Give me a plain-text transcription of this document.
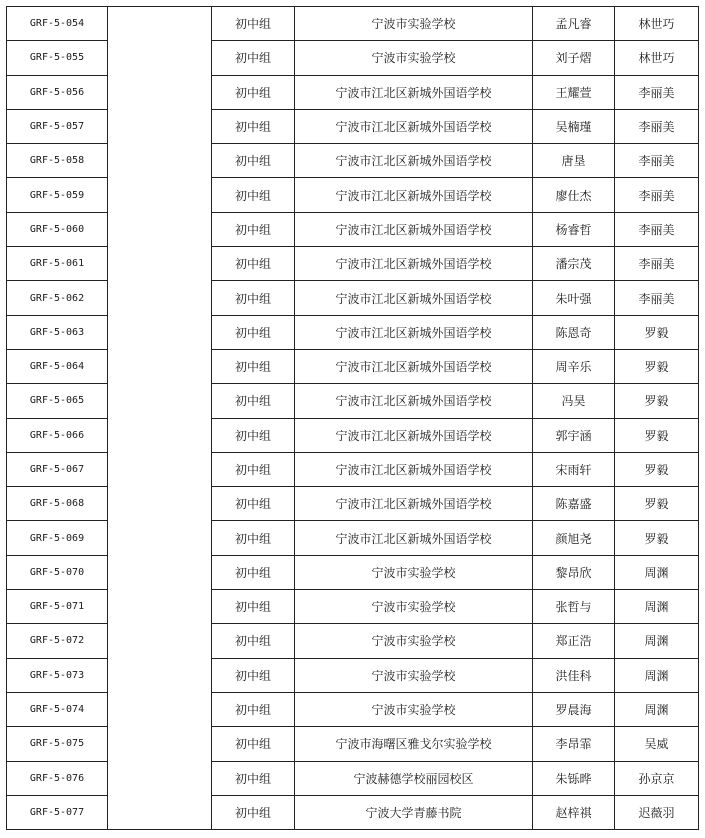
GRF-5-054		初中组	宁波市实验学校	孟凡睿	林世巧
GRF-5-055		初中组	宁波市实验学校	刘子熠	林世巧
GRF-5-056		初中组	宁波市江北区新城外国语学校	王耀萱	李丽美
GRF-5-057		初中组	宁波市江北区新城外国语学校	吴楠瑾	李丽美
GRF-5-058		初中组	宁波市江北区新城外国语学校	唐垦	李丽美
GRF-5-059		初中组	宁波市江北区新城外国语学校	廖仕杰	李丽美
GRF-5-060		初中组	宁波市江北区新城外国语学校	杨睿哲	李丽美
GRF-5-061		初中组	宁波市江北区新城外国语学校	潘宗茂	李丽美
GRF-5-062		初中组	宁波市江北区新城外国语学校	朱叶强	李丽美
GRF-5-063		初中组	宁波市江北区新城外国语学校	陈恩奇	罗毅
GRF-5-064		初中组	宁波市江北区新城外国语学校	周辛乐	罗毅
GRF-5-065		初中组	宁波市江北区新城外国语学校	冯昊	罗毅
GRF-5-066		初中组	宁波市江北区新城外国语学校	郭宇涵	罗毅
GRF-5-067		初中组	宁波市江北区新城外国语学校	宋雨轩	罗毅
GRF-5-068		初中组	宁波市江北区新城外国语学校	陈嘉盛	罗毅
GRF-5-069		初中组	宁波市江北区新城外国语学校	颜旭尧	罗毅
GRF-5-070		初中组	宁波市实验学校	黎昂欣	周渊
GRF-5-071		初中组	宁波市实验学校	张哲与	周渊
GRF-5-072		初中组	宁波市实验学校	郑正浩	周渊
GRF-5-073		初中组	宁波市实验学校	洪佳科	周渊
GRF-5-074		初中组	宁波市实验学校	罗晨海	周渊
GRF-5-075		初中组	宁波市海曙区雅戈尔实验学校	李昂霏	吴威
GRF-5-076		初中组	宁波赫德学校丽园校区	朱铄晔	孙京京
GRF-5-077		初中组	宁波大学青藤书院	赵梓祺	迟薇羽
